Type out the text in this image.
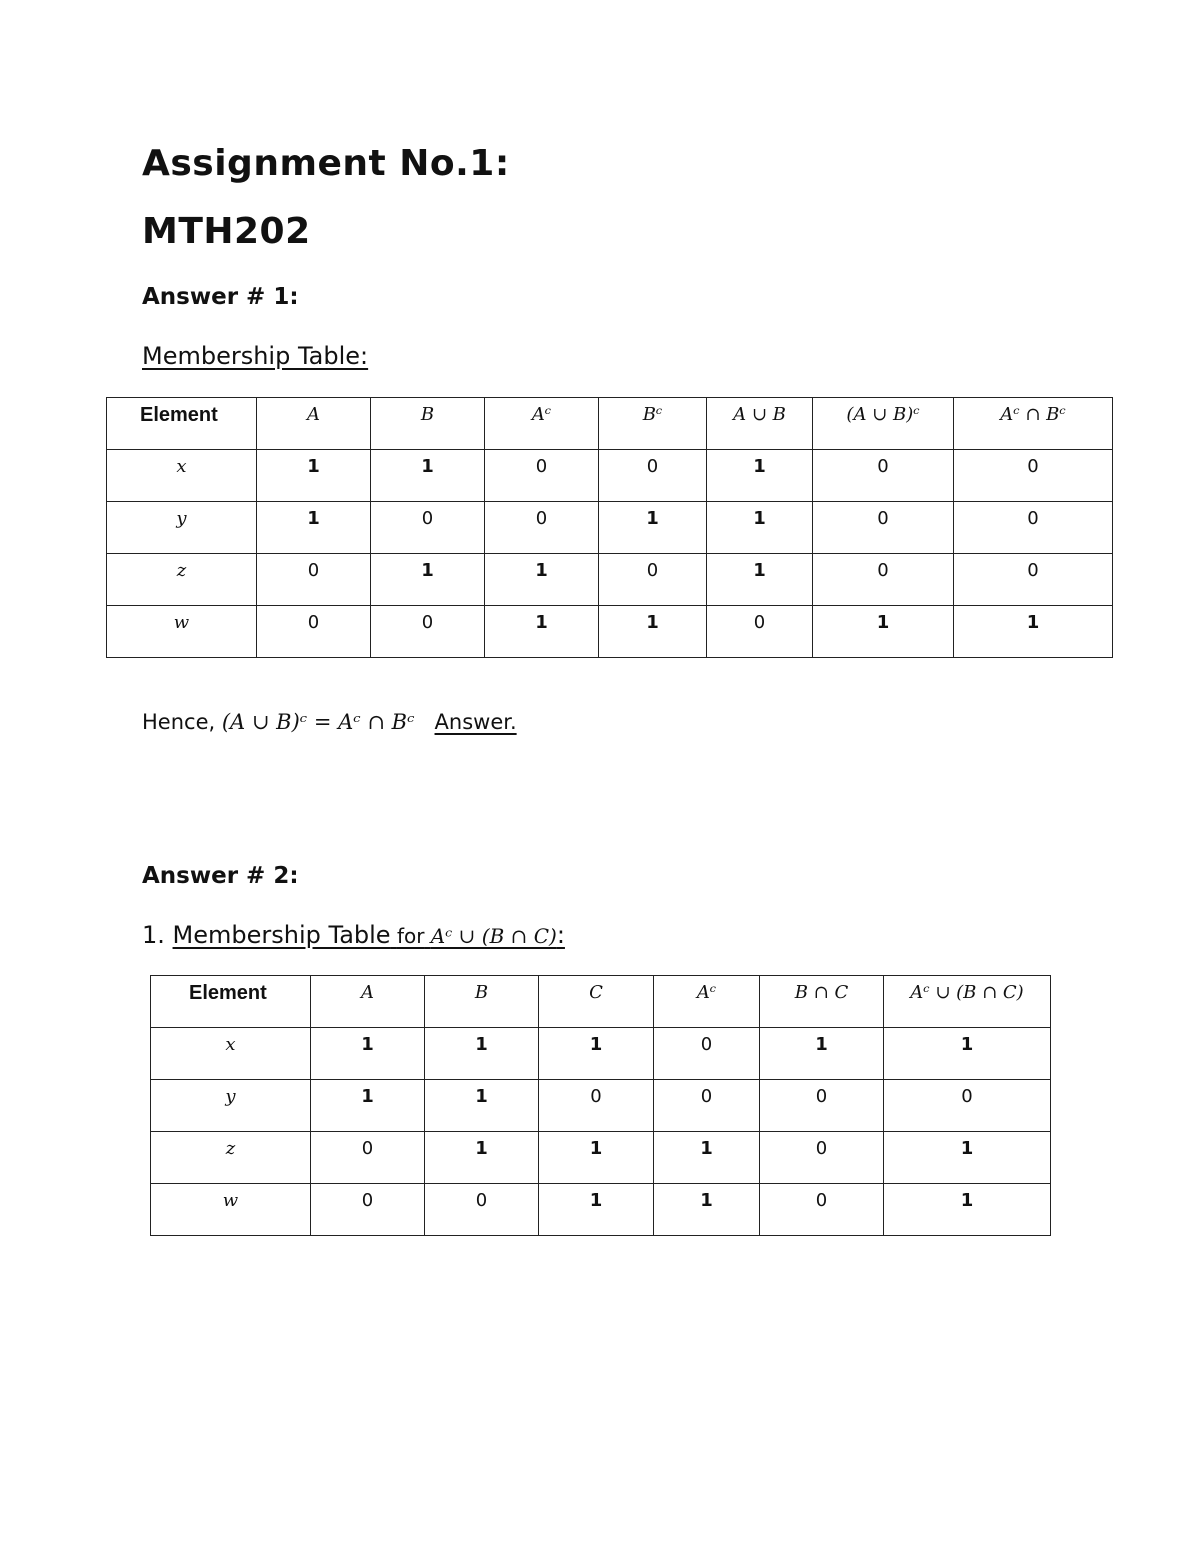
Assignment No.1:
MTH202
Answer # 1:
Membership Table:
Element	A	B	Aᶜ	Bᶜ	A ∪ B	(A ∪ B)ᶜ	Aᶜ ∩ Bᶜ
x	1	1	0	0	1	0	0
y	1	0	0	1	1	0	0
z	0	1	1	0	1	0	0
w	0	0	1	1	0	1	1
Hence, (A ∪ B)ᶜ = Aᶜ ∩ Bᶜ Answer.
Answer # 2:
1. Membership Table for Aᶜ ∪ (B ∩ C):
Element	A	B	C	Aᶜ	B ∩ C	Aᶜ ∪ (B ∩ C)
x	1	1	1	0	1	1
y	1	1	0	0	0	0
z	0	1	1	1	0	1
w	0	0	1	1	0	1
